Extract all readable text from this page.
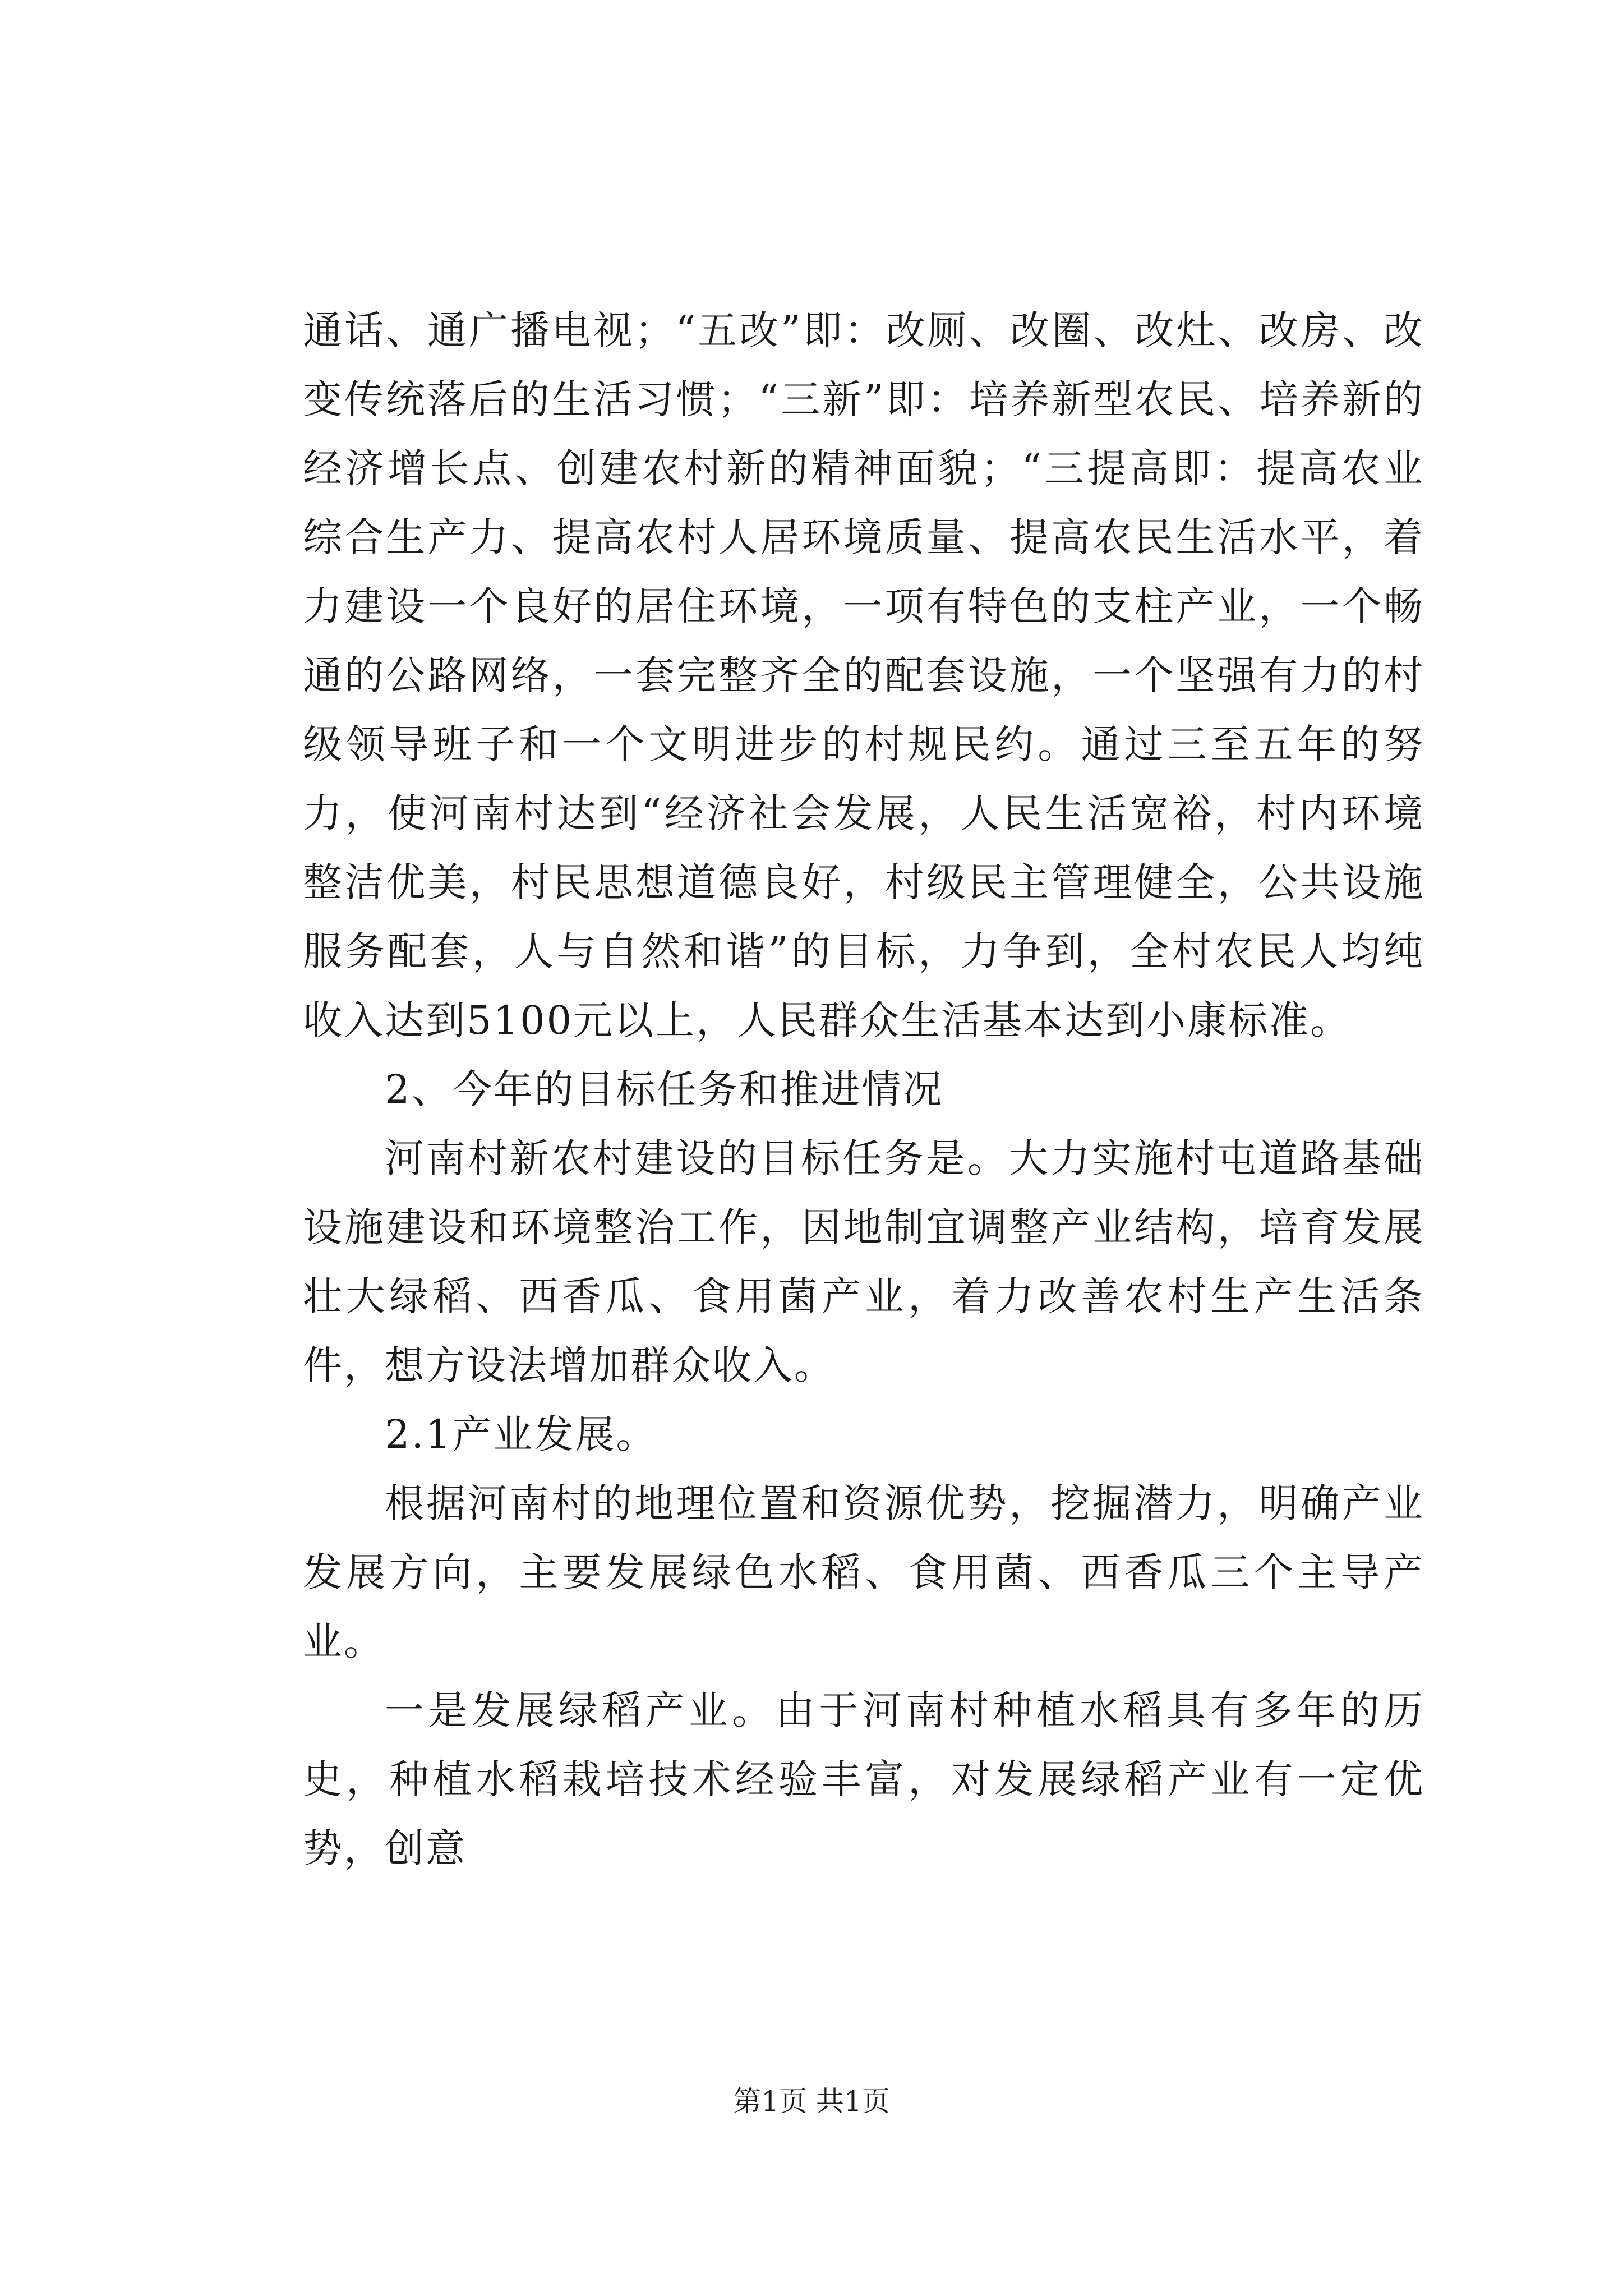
通话、通广播电视；“五改”即：改厕、改圈、改灶、改房、改变传统落后的生活习惯；“三新”即：培养新型农民、培养新的经济增长点、创建农村新的精神面貌；“三提高即：提高农业综合生产力、提高农村人居环境质量、提高农民生活水平，着力建设一个良好的居住环境，一项有特色的支柱产业，一个畅通的公路网络，一套完整齐全的配套设施，一个坚强有力的村级领导班子和一个文明进步的村规民约。通过三至五年的努力，使河南村达到“经济社会发展，人民生活宽裕，村内环境整洁优美，村民思想道德良好，村级民主管理健全，公共设施服务配套，人与自然和谐”的目标，力争到，全村农民人均纯收入达到5100元以上，人民群众生活基本达到小康标准。

2、今年的目标任务和推进情况

河南村新农村建设的目标任务是。大力实施村屯道路基础设施建设和环境整治工作，因地制宜调整产业结构，培育发展壮大绿稻、西香瓜、食用菌产业，着力改善农村生产生活条件，想方设法增加群众收入。

2.1产业发展。

根据河南村的地理位置和资源优势，挖掘潜力，明确产业发展方向，主要发展绿色水稻、食用菌、西香瓜三个主导产业。

一是发展绿稻产业。由于河南村种植水稻具有多年的历史，种植水稻栽培技术经验丰富，对发展绿稻产业有一定优势，创意

第1页 共1页
